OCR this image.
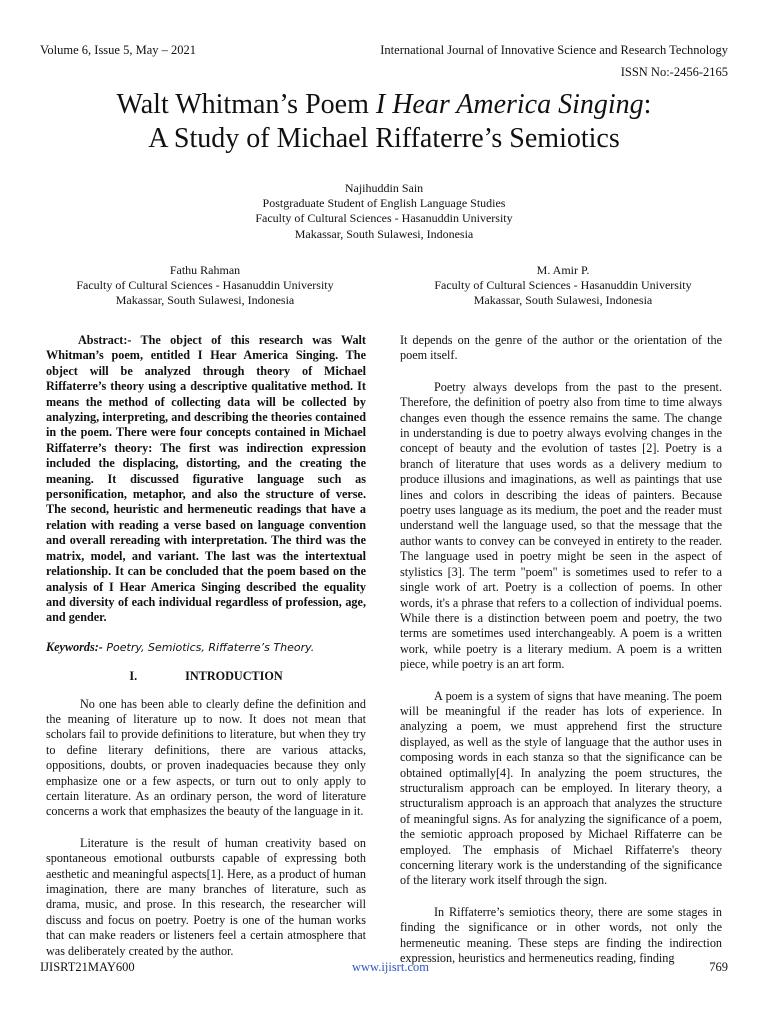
Volume 6, Issue 5, May – 2021	International Journal of Innovative Science and Research Technology
ISSN No:-2456-2165
Walt Whitman’s Poem I Hear America Singing:
A Study of Michael Riffaterre’s Semiotics
Najihuddin Sain
Postgraduate Student of English Language Studies
Faculty of Cultural Sciences - Hasanuddin University
Makassar, South Sulawesi, Indonesia
Fathu Rahman
Faculty of Cultural Sciences - Hasanuddin University
Makassar, South Sulawesi, Indonesia
M. Amir P.
Faculty of Cultural Sciences - Hasanuddin University
Makassar, South Sulawesi, Indonesia

Abstract:- The object of this research was Walt Whitman’s poem, entitled I Hear America Singing. The object will be analyzed through theory of Michael Riffaterre’s theory using a descriptive qualitative method. It means the method of collecting data will be collected by analyzing, interpreting, and describing the theories contained in the poem. There were four concepts contained in Michael Riffaterre’s theory: The first was indirection expression included the displacing, distorting, and the creating the meaning. It discussed figurative language such as personification, metaphor, and also the structure of verse. The second, heuristic and hermeneutic readings that have a relation with reading a verse based on language convention and overall rereading with interpretation. The third was the matrix, model, and variant. The last was the intertextual relationship. It can be concluded that the poem based on the analysis of I Hear America Singing described the equality and diversity of each individual regardless of profession, age, and gender.

Keywords:- Poetry, Semiotics, Riffaterre’s Theory.

I.	INTRODUCTION

No one has been able to clearly define the definition and the meaning of literature up to now. It does not mean that scholars fail to provide definitions to literature, but when they try to define literary definitions, there are various attacks, oppositions, doubts, or proven inadequacies because they only emphasize one or a few aspects, or turn out to only apply to certain literature. As an ordinary person, the word of literature concerns a work that emphasizes the beauty of the language in it.

Literature is the result of human creativity based on spontaneous emotional outbursts capable of expressing both aesthetic and meaningful aspects[1]. Here, as a product of human imagination, there are many branches of literature, such as drama, music, and prose. In this research, the researcher will discuss and focus on poetry. Poetry is one of the human works that can make readers or listeners feel a certain atmosphere that was deliberately created by the author.

It depends on the genre of the author or the orientation of the poem itself.

Poetry always develops from the past to the present. Therefore, the definition of poetry also from time to time always changes even though the essence remains the same. The change in understanding is due to poetry always evolving changes in the concept of beauty and the evolution of tastes [2]. Poetry is a branch of literature that uses words as a delivery medium to produce illusions and imaginations, as well as paintings that use lines and colors in describing the ideas of painters. Because poetry uses language as its medium, the poet and the reader must understand well the language used, so that the message that the author wants to convey can be conveyed in entirety to the reader. The language used in poetry might be seen in the aspect of stylistics [3]. The term "poem" is sometimes used to refer to a single work of art. Poetry is a collection of poems. In other words, it's a phrase that refers to a collection of individual poems. While there is a distinction between poem and poetry, the two terms are sometimes used interchangeably. A poem is a written work, while poetry is a literary medium. A poem is a written piece, while poetry is an art form.

A poem is a system of signs that have meaning. The poem will be meaningful if the reader has lots of experience. In analyzing a poem, we must apprehend first the structure displayed, as well as the style of language that the author uses in composing words in each stanza so that the significance can be obtained optimally[4]. In analyzing the poem structures, the structuralism approach can be employed. In literary theory, a structuralism approach is an approach that analyzes the structure of meaningful signs. As for analyzing the significance of a poem, the semiotic approach proposed by Michael Riffaterre can be employed. The emphasis of Michael Riffaterre's theory concerning literary work is the understanding of the significance of the literary work itself through the sign.

In Riffaterre’s semiotics theory, there are some stages in finding the significance or in other words, not only the hermeneutic meaning. These steps are finding the indirection expression, heuristics and hermeneutics reading, finding

IJISRT21MAY600	www.ijisrt.com	769
